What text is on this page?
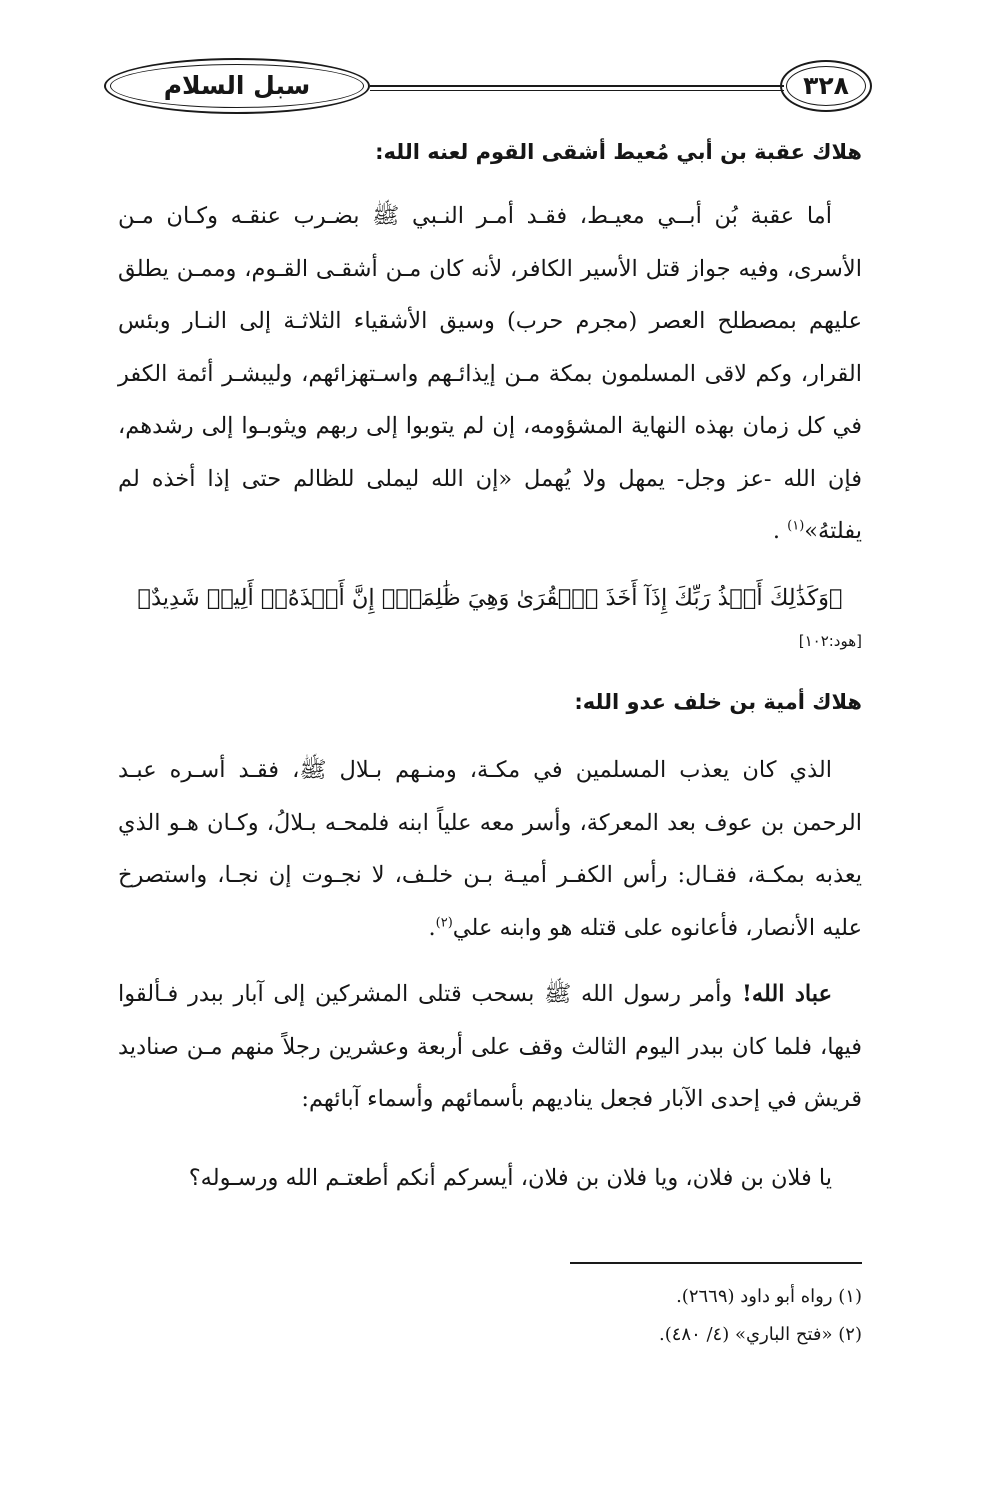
سبل السلام	٣٢٨
هلاك عقبة بن أبي مُعيط أشقى القوم لعنه الله:
أما عقبة بُن أبــي معيـط، فقـد أمـر النـبي ﷺ بضـرب عنقـه وكـان مـن الأسرى، وفيه جواز قتل الأسير الكافر، لأنه كان مـن أشقـى القـوم، وممـن يطلق عليهم بمصطلح العصر (مجرم حرب) وسيق الأشقياء الثلاثـة إلى النـار وبئس القرار، وكم لاقى المسلمون بمكة مـن إيذائـهم واسـتهزائهم، وليبشـر أئمة الكفر في كل زمان بهذه النهاية المشؤومه، إن لم يتوبوا إلى ربهم ويثوبـوا إلى رشدهم، فإن الله -عز وجل- يمهل ولا يُهمل «إن الله ليملى للظالم حتى إذا أخذه لم يفلتهُ»$^{(١)}$ .
﴿وَكَذَٰلِكَ أَخۡذُ رَبِّكَ إِذَآ أَخَذَ ٱلۡقُرَىٰ وَهِيَ ظَٰلِمَةٌۚ إِنَّ أَخۡذَهُۥٓ أَلِيمٞ شَدِيدٌ﴾
[هود:١٠٢]
هلاك أمية بن خلف عدو الله:
الذي كان يعذب المسلمين في مكـة، ومنـهم بـلال ﷺ، فقـد أسـره عبـد الرحمن بن عوف بعد المعركة، وأسر معه علياً ابنه فلمحـه بـلالُ، وكـان هـو الذي يعذبه بمكـة، فقـال: رأس الكفـر أميـة بـن خلـف، لا نجـوت إن نجـا، واستصرخ عليه الأنصار، فأعانوه على قتله هو وابنه علي$^{(٢)}$.
عباد الله! وأمر رسول الله ﷺ بسحب قتلى المشركين إلى آبار ببدر فـألقوا فيها، فلما كان ببدر اليوم الثالث وقف على أربعة وعشرين رجلاً منهم مـن صناديد قريش في إحدى الآبار فجعل يناديهم بأسمائهم وأسماء آبائهم:
يا فلان بن فلان، ويا فلان بن فلان، أيسركم أنكم أطعتـم الله ورسـوله؟
(١) رواه أبو داود (٢٦٦٩).
(٢) «فتح الباري» (٤/ ٤٨٠).
